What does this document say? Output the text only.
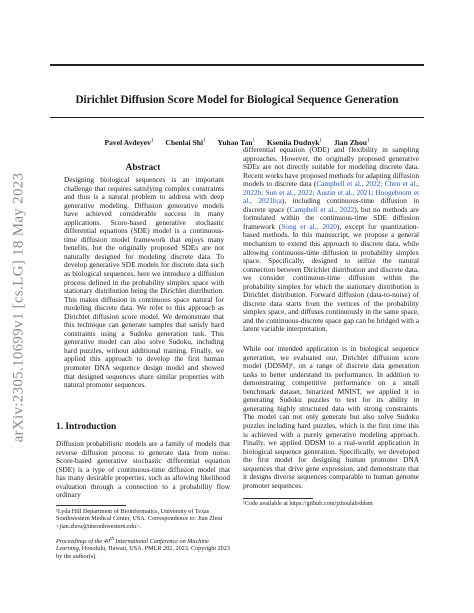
arXiv:2305.10699v1 [cs.LG] 18 May 2023
Dirichlet Diffusion Score Model for Biological Sequence Generation
Pavel Avdeyev$^1$ Chenlai Shi$^1$ Yuhao Tan$^1$ Kseniia Dudnyk$^1$ Jian Zhou$^1$
Abstract

Designing biological sequences is an important challenge that requires satisfying complex constraints and thus is a natural problem to address with deep generative modeling. Diffusion generative models have achieved considerable success in many applications. Score-based generative stochastic differential equations (SDE) model is a continuous-time diffusion model framework that enjoys many benefits, but the originally proposed SDEs are not naturally designed for modeling discrete data. To develop generative SDE models for discrete data such as biological sequences, here we introduce a diffusion process defined in the probability simplex space with stationary distribution being the Dirichlet distribution. This makes diffusion in continuous space natural for modeling discrete data. We refer to this approach as Dirichlet diffusion score model. We demonstrate that this technique can generate samples that satisfy hard constraints using a Sudoku generation task. This generative model can also solve Sudoku, including hard puzzles, without additional training. Finally, we applied this approach to develop the first human promoter DNA sequence design model and showed that designed sequences share similar properties with natural promoter sequences.

1. Introduction

Diffusion probabilistic models are a family of models that reverse diffusion process to generate data from noise. Score-based generative stochastic differential equation (SDE) is a type of continuous-time diffusion model that has many desirable properties, such as allowing likelihood evaluation through a connection to a probability flow ordinary

¹Lyda Hill Department of Bioinformatics, University of Texas Southwestern Medical Center, USA. Correspondence to: Jian Zhou <jian.zhou@utsouthwestern.edu>.

Proceedings of the 40th International Conference on Machine Learning, Honolulu, Hawaii, USA. PMLR 202, 2023. Copyright 2023 by the author(s).

differential equation (ODE) and flexibility in sampling approaches. However, the originally proposed generative SDEs are not directly suitable for modeling discrete data. Recent works have proposed methods for adapting diffusion models to discrete data (Campbell et al., 2022; Chen et al., 2022b; Sun et al., 2022; Austin et al., 2021; Hoogeboom et al., 2021b;a), including continuous-time diffusion in discrete space (Campbell et al., 2022), but no methods are formulated within the continuous-time SDE diffusion framework (Song et al., 2020), except for quantization-based methods. In this manuscript, we propose a general mechanism to extend this approach to discrete data, while allowing continuous-time diffusion in probability simplex space. Specifically, designed to utilize the natural connection between Dirichlet distribution and discrete data, we consider continuous-time diffusion within the probability simplex for which the stationary distribution is Dirichlet distribution. Forward diffusion (data-to-noise) of discrete data starts from the vertices of the probability simplex space, and diffuses continuously in the same space, and the continuous-discrete space gap can be bridged with a latent variable interpretation.

While our intended application is in biological sequence generation, we evaluated our, Dirichlet diffusion score model (DDSM)¹, on a range of discrete data generation tasks to better understand its performance. In addition to demonstrating competitive performance on a small benchmark dataset, binarized MNIST, we applied it to generating Sudoku puzzles to test for its ability in generating highly structured data with strong constraints. The model can not only generate but also solve Sudoku puzzles including hard puzzles, which is the first time this is achieved with a purely generative modeling approach. Finally, we applied DDSM to a real-world application in biological sequence generation. Specifically, we developed the first model for designing human promoter DNA sequences that drive gene expression, and demonstrate that it designs diverse sequences comparable to human genome promoter sequences.

¹Code available at https://github.com/jzhoulab/ddsm
